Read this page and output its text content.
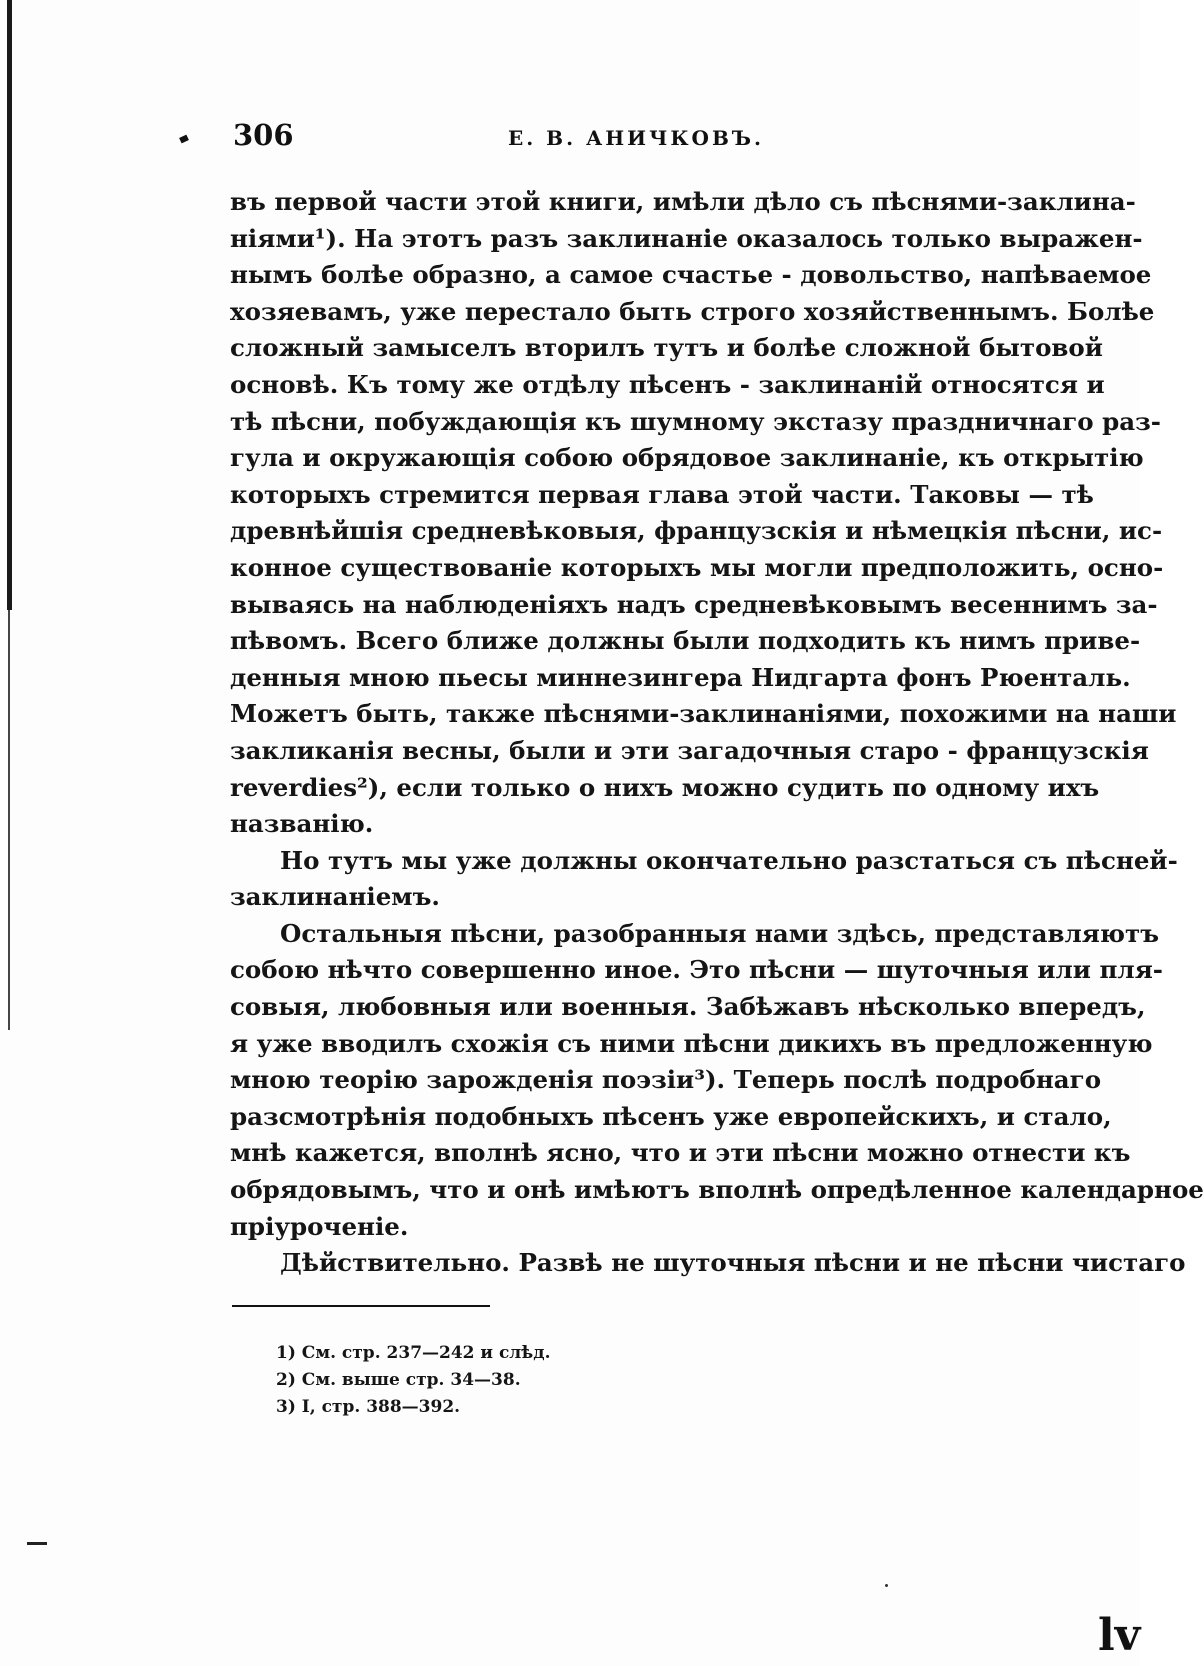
306	Е. В. АНИЧКОВЪ.

въ первой части этой книги, имѣли дѣло съ пѣснями-заклина-
ніями¹). На этотъ разъ заклинаніе оказалось только выражен-
нымъ болѣе образно, а самое счастье - довольство, напѣваемое
хозяевамъ, уже перестало быть строго хозяйственнымъ. Болѣе
сложный замыселъ вторилъ тутъ и болѣе сложной бытовой
основѣ. Къ тому же отдѣлу пѣсенъ - заклинаній относятся и
тѣ пѣсни, побуждающія къ шумному экстазу праздничнаго раз-
гула и окружающія собою обрядовое заклинаніе, къ открытію
которыхъ стремится первая глава этой части. Таковы — тѣ
древнѣйшія средневѣковыя, французскія и нѣмецкія пѣсни, ис-
конное существованіе которыхъ мы могли предположить, осно-
вываясь на наблюденіяхъ надъ средневѣковымъ весеннимъ за-
пѣвомъ. Всего ближе должны были подходить къ нимъ приве-
денныя мною пьесы миннезингера Нидгарта фонъ Рюенталь.
Можетъ быть, также пѣснями-заклинаніями, похожими на наши
закликанія весны, были и эти загадочныя старо - французскія
reverdies²), если только о нихъ можно судить по одному ихъ
названію.

Но тутъ мы уже должны окончательно разстаться съ пѣсней-
заклинаніемъ.

Остальныя пѣсни, разобранныя нами здѣсь, представляютъ
собою нѣчто совершенно иное. Это пѣсни — шуточныя или пля-
совыя, любовныя или военныя. Забѣжавъ нѣсколько впередъ,
я уже вводилъ схожія съ ними пѣсни дикихъ въ предложенную
мною теорію зарожденія поэзіи³). Теперь послѣ подробнаго
разсмотрѣнія подобныхъ пѣсенъ уже европейскихъ, и стало,
мнѣ кажется, вполнѣ ясно, что и эти пѣсни можно отнести къ
обрядовымъ, что и онѣ имѣютъ вполнѣ опредѣленное календарное
пріуроченіе.

Дѣйствительно. Развѣ не шуточныя пѣсни и не пѣсни чистаго

1) См. стр. 237—242 и слѣд.
2) См. выше стр. 34—38.
3) I, стр. 388—392.
lv
